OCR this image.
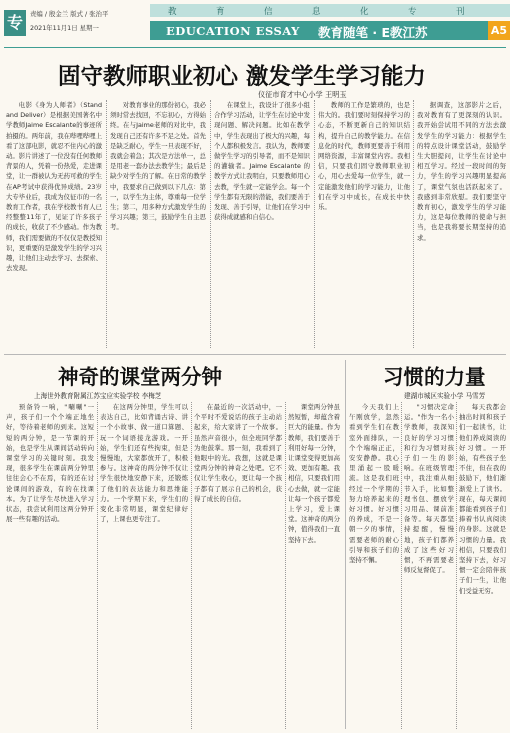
专	责编 / 殷金兰 版式 / 张治平
2021年11月1日 星期一
教	育	信	息	化	专	刊
EDUCATION ESSAY 教育随笔 · E教江苏	A5
固守教师职业初心 激发学生学习能力
仪征市育才中心小学 王明玉

电影《身为人师者》（Stand and Deliver）是根据美国著名中学教师Jaime Escalante的事迹所拍摄的。两年前，我在哔哩哔哩上看了这部电影，就忍不住内心的激动。影片讲述了一位没有任何教师背景的人，凭着一份热爱，走进课堂，让一群被认为无药可救的学生在AP考试中获得优异成绩。23岁大专毕业后，我成为仪征市的一名教育工作者，我在学校教书育人已经整整11年了，见证了许多孩子的成长，收获了不少感动。作为教师，我们需要做的不仅仅是教授知识，更重要的是激发学生的学习兴趣，让他们主动去学习、去探索、去发现。

对教育事业的那份初心，我必须时常去找回，不忘初心，方得始终。在与Jaime老师的对比中，我发现自己还有许多不足之处。首先是缺乏耐心，学生一旦表现不好，我就会着急；其次是方法单一，总是用老一套办法去教学生；最后是缺少对学生的了解。在日常的教学中，我要求自己做到以下几点：第一，以学生为主体，尊重每一位学生；第二，用多种方式激发学生的学习兴趣；第三，鼓励学生自主思考。

在课堂上，我设计了很多小组合作学习活动，让学生在讨论中发现问题、解决问题。比如在教学中，学生表现出了极大的兴趣，每个人都积极发言。我认为，教师要做学生学习的引导者，而不是知识的灌输者。Jaime Escalante 的教学方式让我明白，只要教师用心去教，学生就一定能学会。每一个学生都有无限的潜能，我们要善于发现、善于引导，让他们在学习中获得成就感和自信心。

教师的工作是繁琐的，也是伟大的。我们要时刻保持学习的心态，不断更新自己的知识结构，提升自己的教学能力。在信息化的时代，教师更要善于利用网络资源，丰富课堂内容。我相信，只要我们固守教师职业初心，用心去爱每一位学生，就一定能激发他们的学习能力，让他们在学习中成长，在成长中快乐。

据调查，这部影片之后，我对教育有了更深刻的认识。我开始尝试用不同的方法去激发学生的学习能力：根据学生的特点设计课堂活动，鼓励学生大胆提问，让学生在讨论中相互学习。经过一段时间的努力，学生的学习兴趣明显提高了，课堂气氛也活跃起来了。我感到非常欣慰。我们要坚守教育初心，激发学生的学习能力，这是每位教师的使命与担当，也是我将要长期坚持的追求。

神奇的课堂两分钟
上海世外教育附属江苏宝应实验学校 李梅芝

预备铃一响，"唰唰"一声，孩子们一个个端正地坐好，等待着老师的到来。这短短的两分钟，是一节课的开始，也是学生从课间活动转向课堂学习的关键时刻。我发现，很多学生在课前两分钟里往往会心不在焉，有的还在讨论课间的游戏，有的在找课本。为了让学生尽快进入学习状态，我尝试利用这两分钟开展一些有趣的活动。

在这两分钟里，学生可以表达自己，比如背诵古诗、讲一个小故事、做一道口算题、玩一个词语接龙游戏。一开始，学生们还有些拘束，但是慢慢地，大家都放开了，积极参与。这神奇的两分钟不仅让学生很快地安静下来，还锻炼了他们的表达能力和思维能力。一个学期下来，学生们的变化非常明显，课堂纪律好了，上课也更专注了。

在最近的一次活动中，一个平时不爱说话的孩子主动站起来，给大家讲了一个故事。虽然声音很小，但全班同学都为他鼓掌。那一刻，我看到了他眼中的光。我想，这就是课堂两分钟的神奇之处吧。它不仅让学生收心，更让每一个孩子都有了展示自己的机会，获得了成长的自信。

课堂两分钟虽然短暂，却蕴含着巨大的能量。作为教师，我们要善于利用好每一分钟，让课堂变得更加高效、更加有趣。我相信，只要我们用心去做，就一定能让每一个孩子都爱上学习，爱上课堂。这神奇的两分钟，值得我们一直坚持下去。

习惯的力量
建湖市城区实验小学 马雪芳

今天我们上午刚放学，忽然看到学生们在教室外面排队，一个个端端正正，安安静静。我心里涌起一股暖流。这是我们班经过一个学期的努力培养起来的好习惯。好习惯的养成，不是一朝一夕的事情，需要老师的耐心引导和孩子们的坚持不懈。

"习惯决定命运。"作为一名小学教师，我深知良好的学习习惯和行为习惯对孩子们一生的影响。在班级管理中，我注重从细节入手，比如整理书包、摆放学习用品、课前准备等。每天都坚持提醒，慢慢地，孩子们都养成了这些好习惯，不再需要老师反复督促了。

每天我都会抽出时间和孩子们一起读书，让他们养成阅读的好习惯。一开始，有些孩子坐不住，但在我的鼓励下，他们渐渐爱上了读书。现在，每天课间都能看到孩子们捧着书认真阅读的身影。这就是习惯的力量。我相信，只要我们坚持下去，好习惯一定会陪伴孩子们一生，让他们受益无穷。
